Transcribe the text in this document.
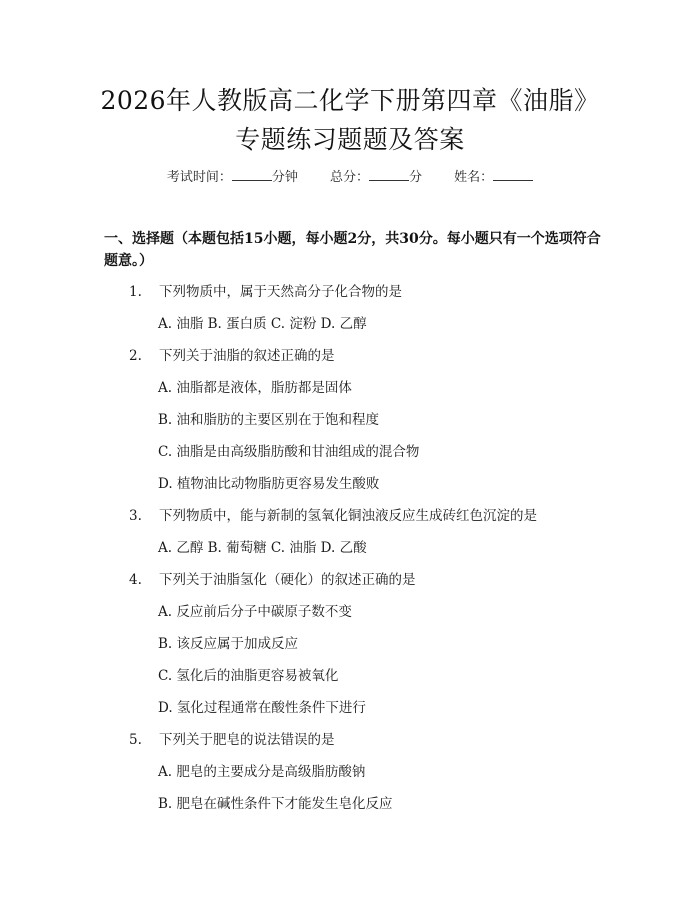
2026年人教版高二化学下册第四章《油脂》
专题练习题题及答案
考试时间：	分钟 总分：	分 姓名：
一、选择题（本题包括15小题，每小题2分，共30分。每小题只有一个选项符合题意。）
1. 下列物质中，属于天然高分子化合物的是
A. 油脂 B. 蛋白质 C. 淀粉 D. 乙醇
2. 下列关于油脂的叙述正确的是
A. 油脂都是液体，脂肪都是固体
B. 油和脂肪的主要区别在于饱和程度
C. 油脂是由高级脂肪酸和甘油组成的混合物
D. 植物油比动物脂肪更容易发生酸败
3. 下列物质中，能与新制的氢氧化铜浊液反应生成砖红色沉淀的是
A. 乙醇 B. 葡萄糖 C. 油脂 D. 乙酸
4. 下列关于油脂氢化（硬化）的叙述正确的是
A. 反应前后分子中碳原子数不变
B. 该反应属于加成反应
C. 氢化后的油脂更容易被氧化
D. 氢化过程通常在酸性条件下进行
5. 下列关于肥皂的说法错误的是
A. 肥皂的主要成分是高级脂肪酸钠
B. 肥皂在碱性条件下才能发生皂化反应
